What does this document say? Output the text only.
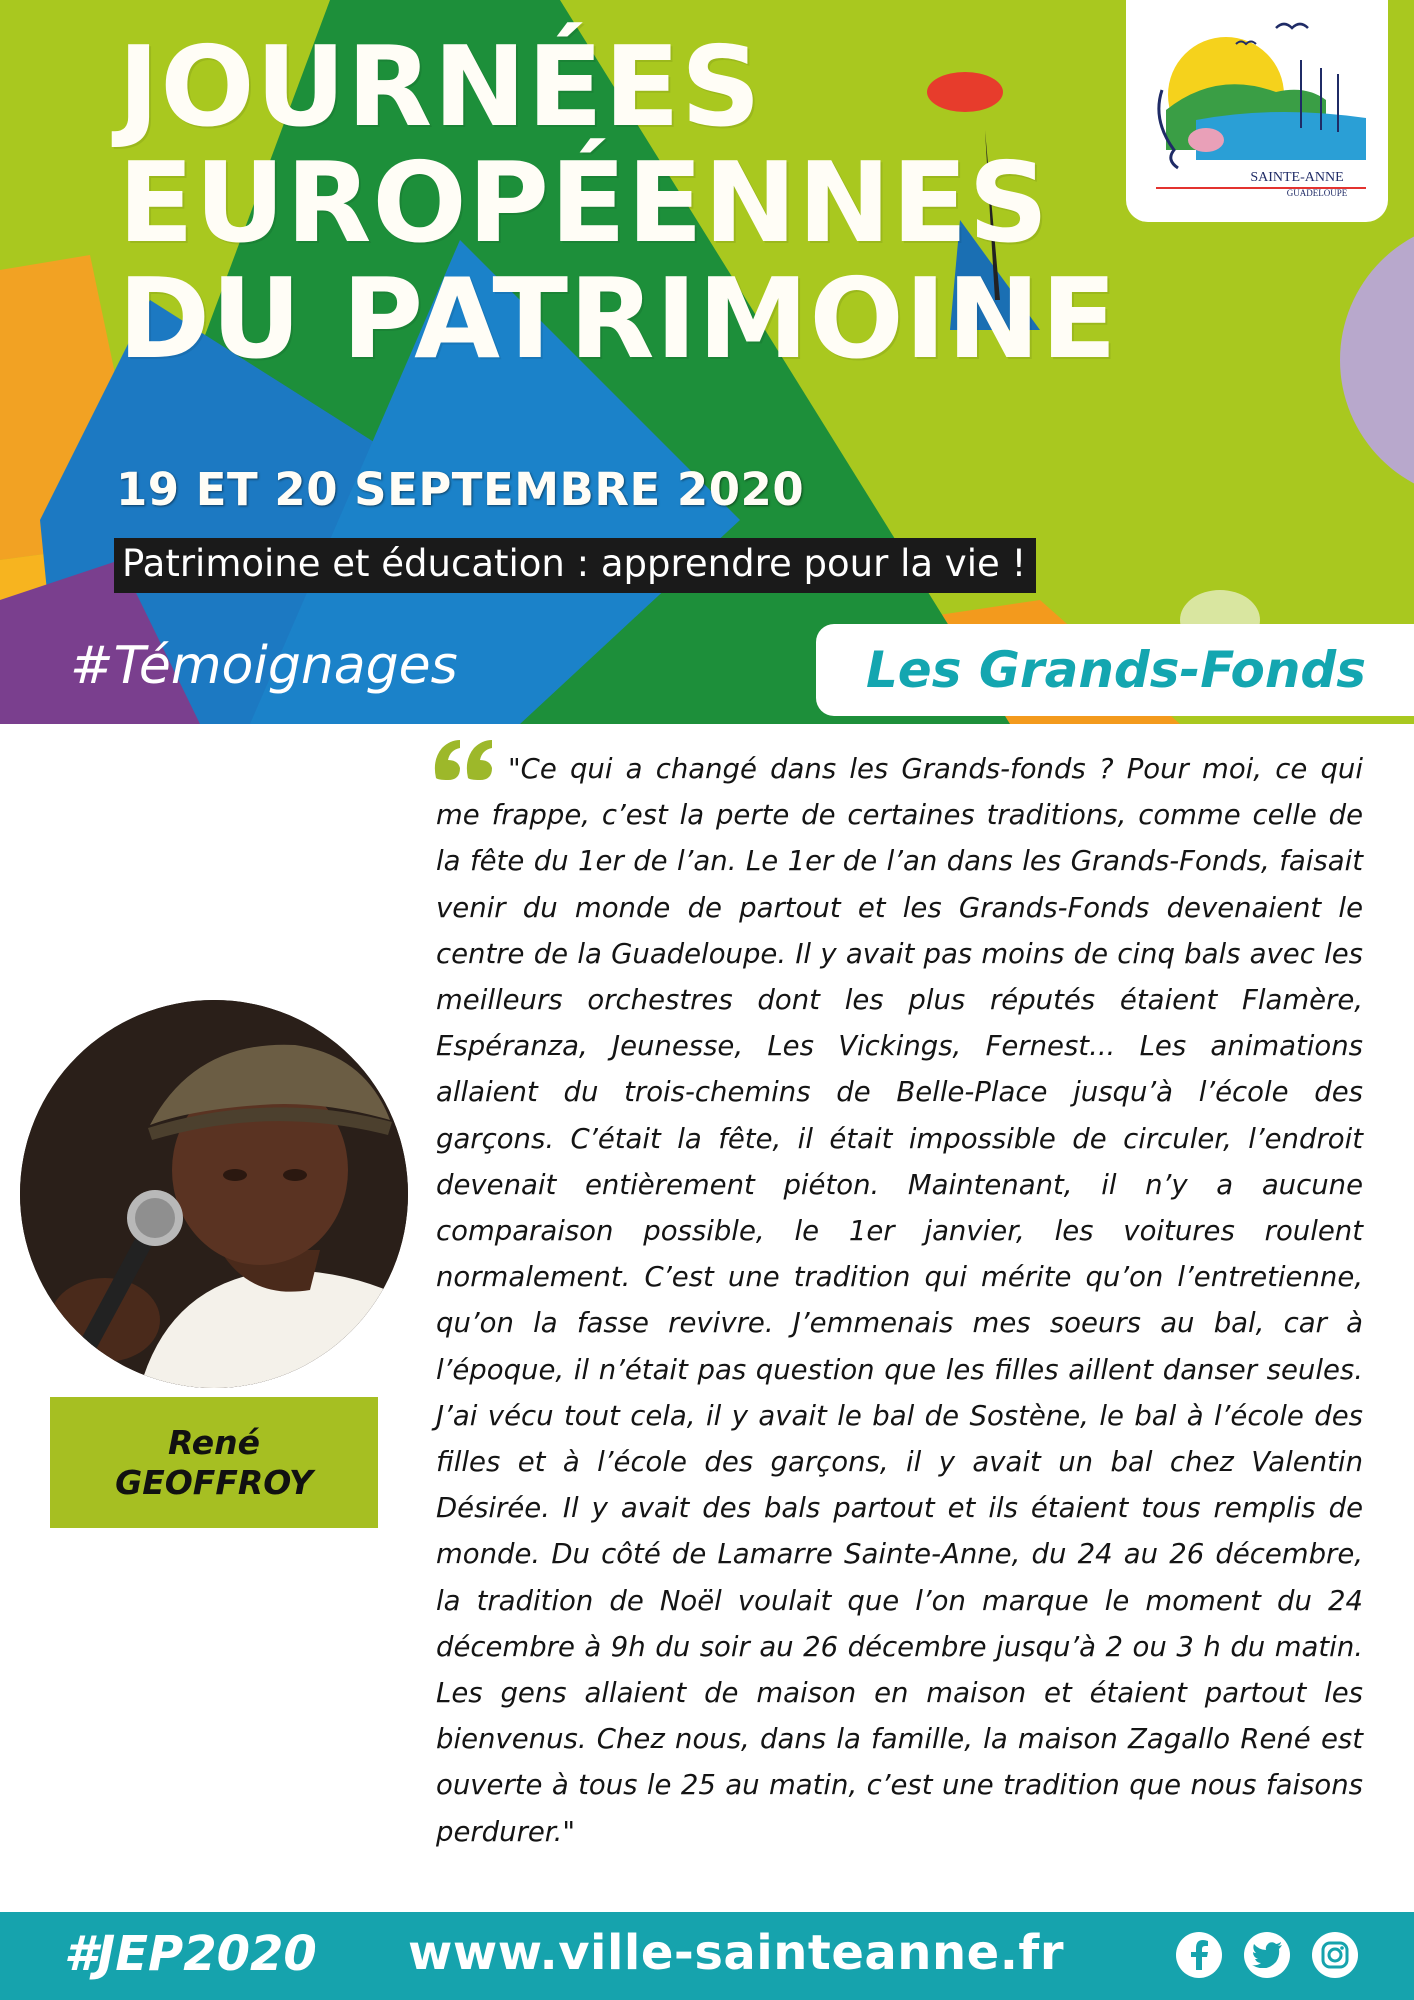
JOURNÉES
EUROPÉENNES
DU PATRIMOINE
19 ET 20 SEPTEMBRE 2020
Patrimoine et éducation : apprendre pour la vie !
#Témoignages	Les Grands-Fonds
SAINTE-ANNE
GUADELOUPE
René
GEOFFROY

"Ce qui a changé dans les Grands-fonds ? Pour moi, ce qui me frappe, c’est la perte de certaines traditions, comme celle de la fête du 1er de l’an. Le 1er de l’an dans les Grands-Fonds, faisait venir du monde de partout et les Grands-Fonds devenaient le centre de la Guadeloupe. Il y avait pas moins de cinq bals avec les meilleurs orchestres dont les plus réputés étaient Flamère, Espéranza, Jeunesse, Les Vickings, Fernest... Les animations allaient du trois-chemins de Belle-Place jusqu’à l’école des garçons. C’était la fête, il était impossible de circuler, l’endroit devenait entièrement piéton. Maintenant, il n’y a aucune comparaison possible, le 1er janvier, les voitures roulent normalement. C’est une tradition qui mérite qu’on l’entretienne, qu’on la fasse revivre. J’emmenais mes soeurs au bal, car à l’époque, il n’était pas question que les filles aillent danser seules. J’ai vécu tout cela, il y avait le bal de Sostène, le bal à l’école des filles et à l’école des garçons, il y avait un bal chez Valentin Désirée. Il y avait des bals partout et ils étaient tous remplis de monde. Du côté de Lamarre Sainte-Anne, du 24 au 26 décembre, la tradition de Noël voulait que l’on marque le moment du 24 décembre à 9h du soir au 26 décembre jusqu’à 2 ou 3 h du matin. Les gens allaient de maison en maison et étaient partout les bienvenus. Chez nous, dans la famille, la maison Zagallo René est ouverte à tous le 25 au matin, c’est une tradition que nous faisons perdurer."

#JEP2020 www.ville-sainteanne.fr
